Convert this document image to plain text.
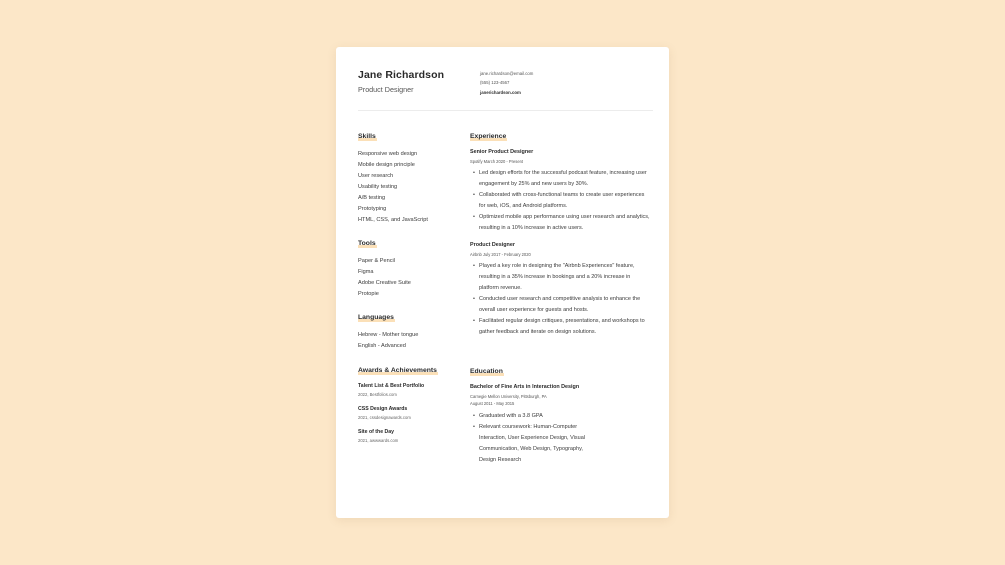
Jane Richardson
Product Designer
jane.richardson@email.com
(555) 123-4567
janerichardson.com
Skills
Responsive web design
Mobile design principle
User research
Usability testing
A/B testing
Prototyping
HTML, CSS, and JavaScript
Tools
Paper & Pencil
Figma
Adobe Creative Suite
Protopie
Languages
Hebrew - Mother tongue
English - Advanced
Awards & Achievements
Talent List & Best Portfolio
2022, Bestfolios.com
CSS Design Awards
2021, cssdesignawards.com
Site of the Day
2021, awwwards.com
Experience
Senior Product Designer
Spotify March 2020 - Present
• Led design efforts for the successful podcast feature, increasing user engagement by 25% and new users by 30%.
• Collaborated with cross-functional teams to create user experiences for web, iOS, and Android platforms.
• Optimized mobile app performance using user research and analytics, resulting in a 10% increase in active users.
Product Designer
Airbnb July 2017 - February 2020
• Played a key role in designing the "Airbnb Experiences" feature, resulting in a 35% increase in bookings and a 20% increase in platform revenue.
• Conducted user research and competitive analysis to enhance the overall user experience for guests and hosts.
• Facilitated regular design critiques, presentations, and workshops to gather feedback and iterate on design solutions.
Education
Bachelor of Fine Arts in Interaction Design
Carnegie Mellon University, Pittsburgh, PA
August 2011 - May 2015
• Graduated with a 3.8 GPA
• Relevant coursework: Human-Computer Interaction, User Experience Design, Visual Communication, Web Design, Typography, Design Research
